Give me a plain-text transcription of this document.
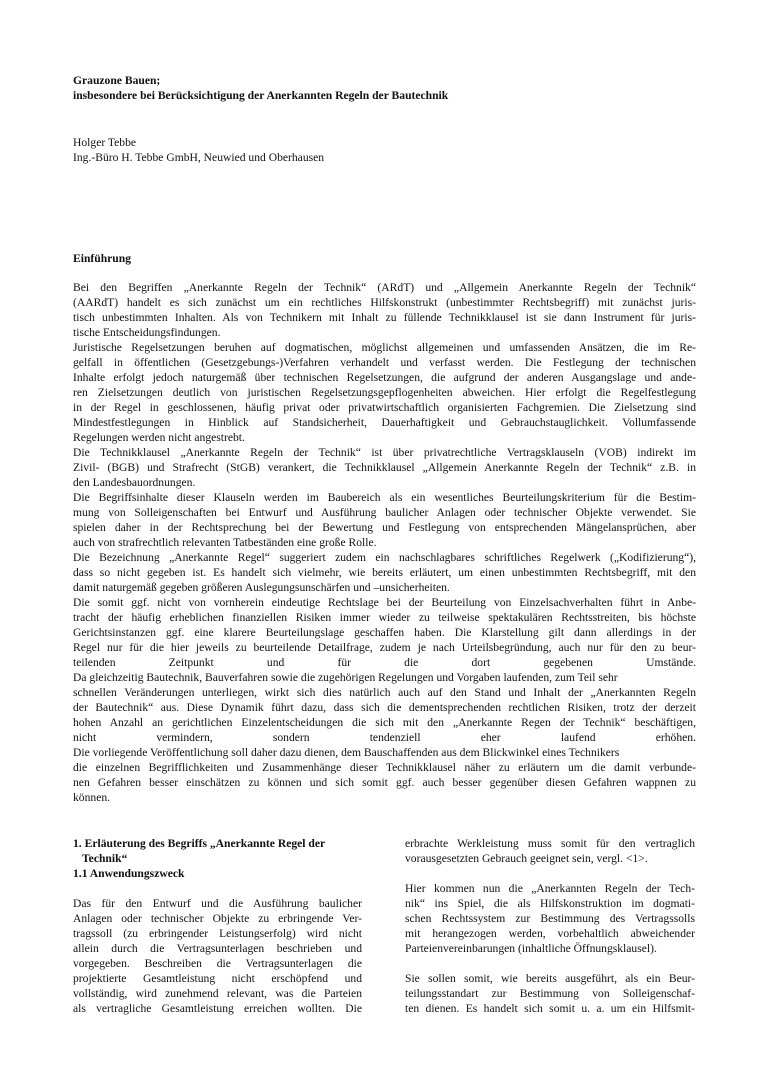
Grauzone Bauen;
insbesondere bei Berücksichtigung der Anerkannten Regeln der Bautechnik
Holger Tebbe
Ing.-Büro H. Tebbe GmbH, Neuwied und Oberhausen
Einführung
Bei den Begriffen „Anerkannte Regeln der Technik“ (ARdT) und „Allgemein Anerkannte Regeln der Technik“
(AARdT) handelt es sich zunächst um ein rechtliches Hilfskonstrukt (unbestimmter Rechtsbegriff) mit zunächst juris-
tisch unbestimmten Inhalten. Als von Technikern mit Inhalt zu füllende Technikklausel ist sie dann Instrument für juris-
tische Entscheidungsfindungen.
Juristische Regelsetzungen beruhen auf dogmatischen, möglichst allgemeinen und umfassenden Ansätzen, die im Re-
gelfall in öffentlichen (Gesetzgebungs-)Verfahren verhandelt und verfasst werden. Die Festlegung der technischen
Inhalte erfolgt jedoch naturgemäß über technischen Regelsetzungen, die aufgrund der anderen Ausgangslage und ande-
ren Zielsetzungen deutlich von juristischen Regelsetzungsgepflogenheiten abweichen. Hier erfolgt die Regelfestlegung
in der Regel in geschlossenen, häufig privat oder privatwirtschaftlich organisierten Fachgremien. Die Zielsetzung sind
Mindestfestlegungen in Hinblick auf Standsicherheit, Dauerhaftigkeit und Gebrauchstauglichkeit. Vollumfassende
Regelungen werden nicht angestrebt.
Die Technikklausel „Anerkannte Regeln der Technik“ ist über privatrechtliche Vertragsklauseln (VOB) indirekt im
Zivil- (BGB) und Strafrecht (StGB) verankert, die Technikklausel „Allgemein Anerkannte Regeln der Technik“ z.B. in
den Landesbauordnungen.
Die Begriffsinhalte dieser Klauseln werden im Baubereich als ein wesentliches Beurteilungskriterium für die Bestim-
mung von Solleigenschaften bei Entwurf und Ausführung baulicher Anlagen oder technischer Objekte verwendet. Sie
spielen daher in der Rechtsprechung bei der Bewertung und Festlegung von entsprechenden Mängelansprüchen, aber
auch von strafrechtlich relevanten Tatbeständen eine große Rolle.
Die Bezeichnung „Anerkannte Regel“ suggeriert zudem ein nachschlagbares schriftliches Regelwerk („Kodifizierung“),
dass so nicht gegeben ist. Es handelt sich vielmehr, wie bereits erläutert, um einen unbestimmten Rechtsbegriff, mit den
damit naturgemäß gegeben größeren Auslegungsunschärfen und –unsicherheiten.
Die somit ggf. nicht von vornherein eindeutige Rechtslage bei der Beurteilung von Einzelsachverhalten führt in Anbe-
tracht der häufig erheblichen finanziellen Risiken immer wieder zu teilweise spektakulären Rechtsstreiten, bis höchste
Gerichtsinstanzen ggf. eine klarere Beurteilungslage geschaffen haben. Die Klarstellung gilt dann allerdings in der
Regel nur für die hier jeweils zu beurteilende Detailfrage, zudem je nach Urteilsbegründung, auch nur für den zu beur-
teilenden Zeitpunkt und für die dort gegebenen Umstände.
Da gleichzeitig Bautechnik, Bauverfahren sowie die zugehörigen Regelungen und Vorgaben laufenden, zum Teil sehr
schnellen Veränderungen unterliegen, wirkt sich dies natürlich auch auf den Stand und Inhalt der „Anerkannten Regeln
der Bautechnik“ aus. Diese Dynamik führt dazu, dass sich die dementsprechenden rechtlichen Risiken, trotz der derzeit
hohen Anzahl an gerichtlichen Einzelentscheidungen die sich mit den „Anerkannte Regen der Technik“ beschäftigen,
nicht vermindern, sondern tendenziell eher laufend erhöhen.
Die vorliegende Veröffentlichung soll daher dazu dienen, dem Bauschaffenden aus dem Blickwinkel eines Technikers
die einzelnen Begrifflichkeiten und Zusammenhänge dieser Technikklausel näher zu erläutern um die damit verbunde-
nen Gefahren besser einschätzen zu können und sich somit ggf. auch besser gegenüber diesen Gefahren wappnen zu
können.
1. Erläuterung des Begriffs „Anerkannte Regel der
Technik“
1.1 Anwendungszweck
Das für den Entwurf und die Ausführung baulicher
Anlagen oder technischer Objekte zu erbringende Ver-
tragssoll (zu erbringender Leistungserfolg) wird nicht
allein durch die Vertragsunterlagen beschrieben und
vorgegeben. Beschreiben die Vertragsunterlagen die
projektierte Gesamtleistung nicht erschöpfend und
vollständig, wird zunehmend relevant, was die Parteien
als vertragliche Gesamtleistung erreichen wollten. Die
erbrachte Werkleistung muss somit für den vertraglich
vorausgesetzten Gebrauch geeignet sein, vergl. <1>.
Hier kommen nun die „Anerkannten Regeln der Tech-
nik“ ins Spiel, die als Hilfskonstruktion im dogmati-
schen Rechtssystem zur Bestimmung des Vertragssolls
mit herangezogen werden, vorbehaltlich abweichender
Parteienvereinbarungen (inhaltliche Öffnungsklausel).
Sie sollen somit, wie bereits ausgeführt, als ein Beur-
teilungsstandart zur Bestimmung von Solleigenschaf-
ten dienen. Es handelt sich somit u. a. um ein Hilfsmit-
